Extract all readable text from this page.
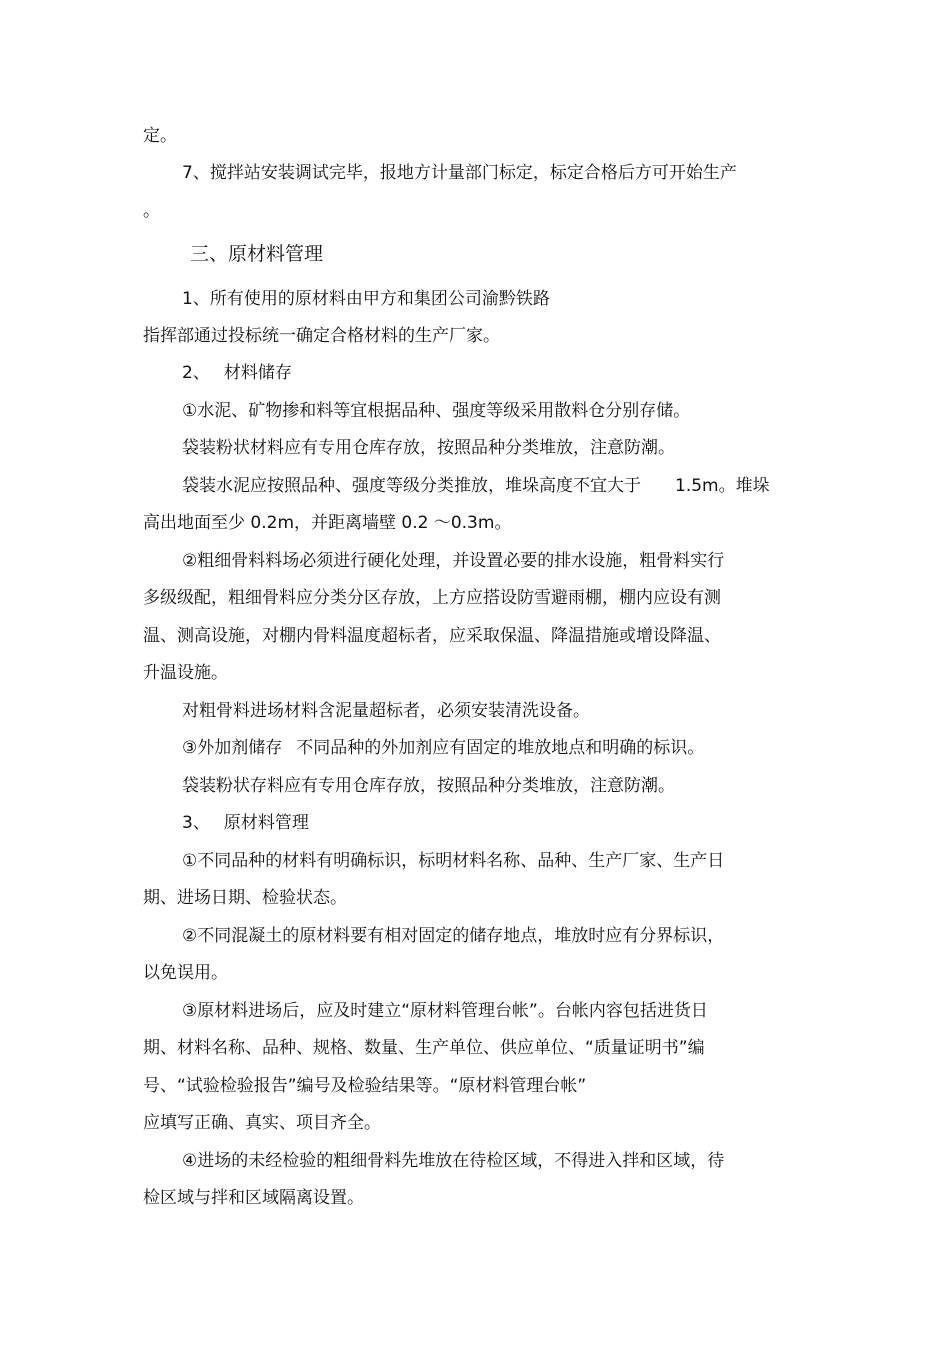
定。
7、搅拌站安装调试完毕，报地方计量部门标定，标定合格后方可开始生产
。
三、原材料管理
1、所有使用的原材料由甲方和集团公司渝黔铁路
指挥部通过投标统一确定合格材料的生产厂家。
2、 材料储存
①水泥、矿物掺和料等宜根据品种、强度等级采用散料仓分别存储。
袋装粉状材料应有专用仓库存放，按照品种分类堆放，注意防潮。
袋装水泥应按照品种、强度等级分类推放，堆垛高度不宜大于 1.5m。堆垛
高出地面至少 0.2m，并距离墙壁 0.2 ～0.3m。
②粗细骨料料场必须进行硬化处理，并设置必要的排水设施，粗骨料实行
多级级配，粗细骨料应分类分区存放，上方应搭设防雪避雨棚，棚内应设有测
温、测高设施，对棚内骨料温度超标者，应采取保温、降温措施或增设降温、
升温设施。
对粗骨料进场材料含泥量超标者，必须安装清洗设备。
③外加剂储存 不同品种的外加剂应有固定的堆放地点和明确的标识。
袋装粉状存料应有专用仓库存放，按照品种分类堆放，注意防潮。
3、 原材料管理
①不同品种的材料有明确标识，标明材料名称、品种、生产厂家、生产日
期、进场日期、检验状态。
②不同混凝土的原材料要有相对固定的储存地点，堆放时应有分界标识，
以免误用。
③原材料进场后，应及时建立“原材料管理台帐”。台帐内容包括进货日
期、材料名称、品种、规格、数量、生产单位、供应单位、“质量证明书”编
号、“试验检验报告”编号及检验结果等。“原材料管理台帐”
应填写正确、真实、项目齐全。
④进场的未经检验的粗细骨料先堆放在待检区域，不得进入拌和区域，待
检区域与拌和区域隔离设置。
